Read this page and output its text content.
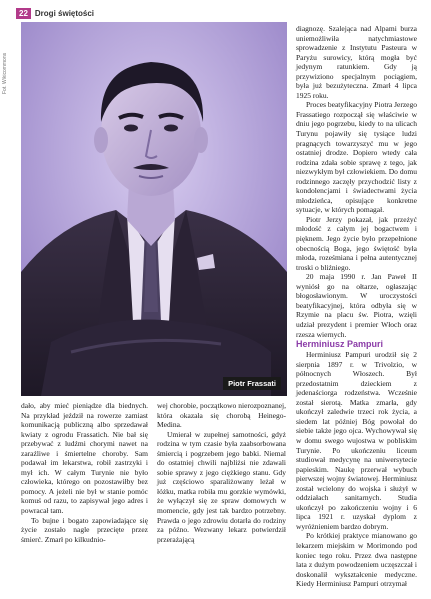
22 Drogi świętości
Fot. Wikicommons
Piotr Frassati

diagnozę. Szalejąca nad Alpami burza uniemożliwiła natychmiastowe sprowadzenie z Instytutu Pasteura w Paryżu surowicy, którą mogła być jedynym ratunkiem. Gdy ją przywiziono specjalnym pociągiem, była już bezużyteczna. Zmarł 4 lipca 1925 roku.

Proces beatyfikacyjny Piotra Jerzego Frassatiego rozpoczął się właściwie w dniu jego pogrzebu, kiedy to na ulicach Turynu pojawiły się tysiące ludzi pragnących towarzyszyć mu w jego ostatniej drodze. Dopiero wtedy cała rodzina zdała sobie sprawę z tego, jak niezwykłym był człowiekiem. Do domu rodzinnego zaczęły przychodzić listy z kondolencjami i świadectwami życia młodzieńca, opisujące konkretne sytuacje, w których pomagał.

Piotr Jerzy pokazał, jak przeżyć młodość z całym jej bogactwem i pięknem. Jego życie było przepełnione obecnością Boga, jego świętość była młoda, roześmiana i pełna autentycznej troski o bliźniego.

20 maja 1990 r. Jan Paweł II wyniósł go na ołtarze, ogłaszając błogosławionym. W uroczystości beatyfikacyjnej, która odbyła się w Rzymie na placu św. Piotra, wzięli udział prezydent i premier Włoch oraz rzesza wiernych.

Herminiusz Pampuri

Herminiusz Pampuri urodził się 2 sierpnia 1897 r. w Trivolzio, w północnych Włoszech. Był przedostatnim dzieckiem z jedenaściorga rodzeństwa. Wcześnie został sierotą. Matka zmarła, gdy ukończył zaledwie trzeci rok życia, a siedem lat później Bóg powołał do siebie także jego ojca. Wychowywał się w domu swego wujostwa w pobliskim Turynie. Po ukończeniu liceum studiował medycynę na uniwersytecie papieskim. Naukę przerwał wybuch pierwszej wojny światowej. Herminiusz został wcielony do wojska i służył w oddziałach sanitarnych. Studia ukończył po zakończeniu wojny i 6 lipca 1921 r. uzyskał dyplom z wyróżnieniem bardzo dobrym.

Po krótkiej praktyce mianowano go lekarzem miejskim w Morimondo pod koniec tego roku. Przez dwa następne lata z dużym powodzeniem uczęszczał i doskonalił wykształcenie medyczne. Kiedy Herminiusz Pampuri otrzymał

dało, aby mieć pieniądze dla biednych. Na przykład jeździł na rowerze zamiast komunikacją publiczną albo sprzedawał kwiaty z ogrodu Frassatich. Nie bał się przebywać z ludźmi chorymi nawet na zaraźliwe i śmiertelne choroby. Sam podawał im lekarstwa, robił zastrzyki i mył ich. W całym Turynie nie było człowieka, którego on pozostawiłby bez pomocy. A jeżeli nie był w stanie pomóc komuś od razu, to zapisywał jego adres i powracał tam.

To bujne i bogato zapowiadające się życie zostało nagle przecięte przez śmierć. Zmarł po kilkudnio-

wej chorobie, początkowo nierozpoznanej, która okazała się chorobą Heinego-Medina.

Umierał w zupełnej samotności, gdyż rodzina w tym czasie była zaabsorbowana śmiercią i pogrzebem jego babki. Niemal do ostatniej chwili najbliżsi nie zdawali sobie sprawy z jego ciężkiego stanu. Gdy już częściowo sparaliżowany leżał w łóżku, matka robiła mu gorzkie wymówki, że wyłączył się ze spraw domowych w momencie, gdy jest tak bardzo potrzebny. Prawda o jego zdrowiu dotarła do rodziny za późno. Wezwany lekarz potwierdził przerażającą
